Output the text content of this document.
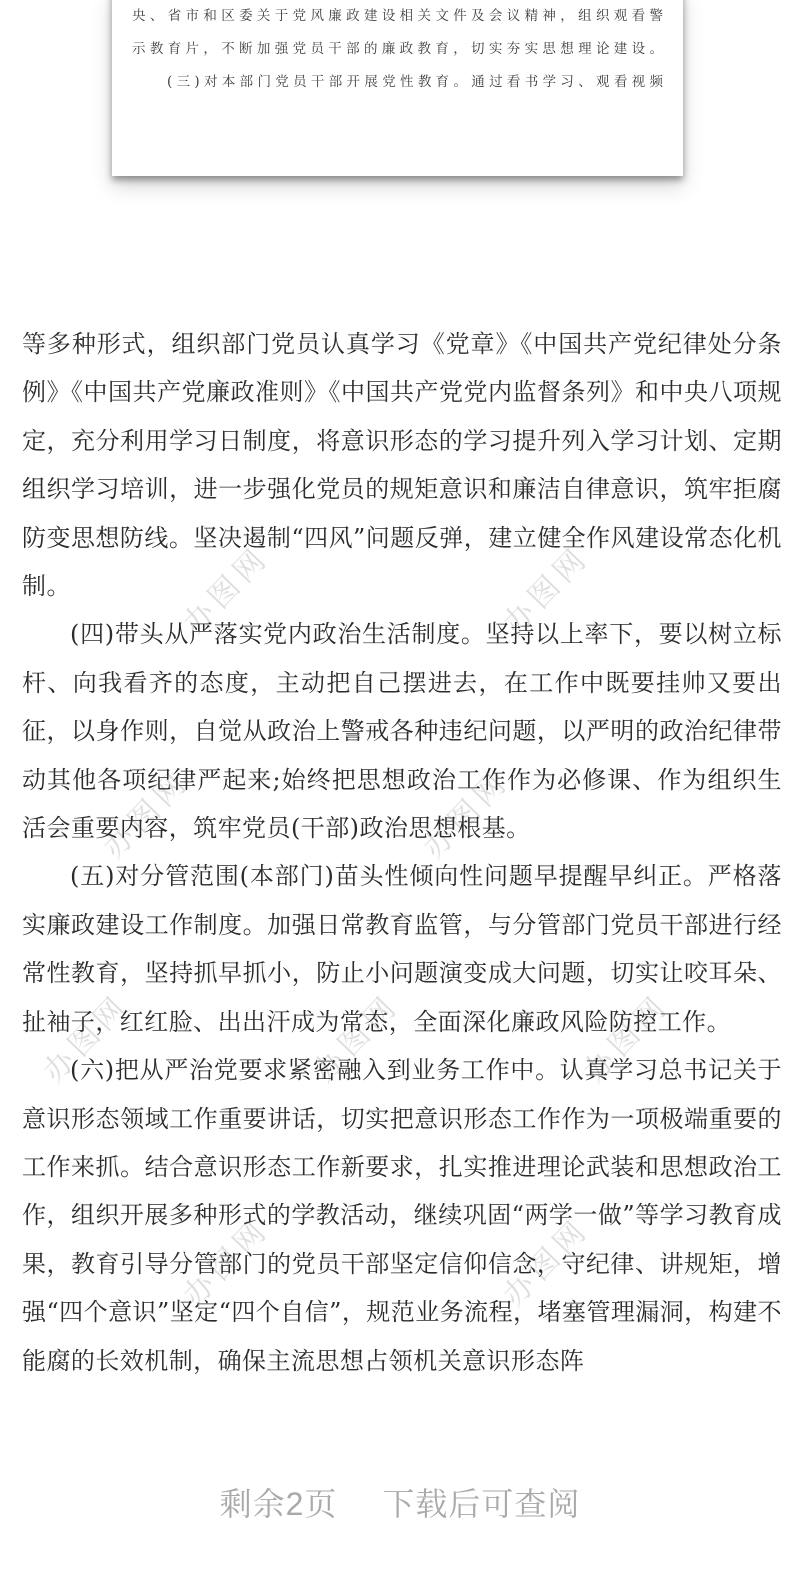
办图网	办图网
办图网	办图网
办图网	办图网	办图网
办图网	办图网
央、省市和区委关于党风廉政建设相关文件及会议精神，组织观看警
示教育片，不断加强党员干部的廉政教育，切实夯实思想理论建设。
(三)对本部门党员干部开展党性教育。通过看书学习、观看视频

等多种形式，组织部门党员认真学习《党章》《中国共产党纪律处分条例》《中国共产党廉政准则》《中国共产党党内监督条列》和中央八项规定，充分利用学习日制度，将意识形态的学习提升列入学习计划、定期组织学习培训，进一步强化党员的规矩意识和廉洁自律意识，筑牢拒腐防变思想防线。坚决遏制“四风”问题反弹，建立健全作风建设常态化机制。

(四)带头从严落实党内政治生活制度。坚持以上率下，要以树立标杆、向我看齐的态度，主动把自己摆进去，在工作中既要挂帅又要出征，以身作则，自觉从政治上警戒各种违纪问题，以严明的政治纪律带动其他各项纪律严起来;始终把思想政治工作作为必修课、作为组织生活会重要内容，筑牢党员(干部)政治思想根基。

(五)对分管范围(本部门)苗头性倾向性问题早提醒早纠正。严格落实廉政建设工作制度。加强日常教育监管，与分管部门党员干部进行经常性教育，坚持抓早抓小，防止小问题演变成大问题，切实让咬耳朵、扯袖子，红红脸、出出汗成为常态，全面深化廉政风险防控工作。

(六)把从严治党要求紧密融入到业务工作中。认真学习总书记关于意识形态领域工作重要讲话，切实把意识形态工作作为一项极端重要的工作来抓。结合意识形态工作新要求，扎实推进理论武装和思想政治工作，组织开展多种形式的学教活动，继续巩固“两学一做”等学习教育成果，教育引导分管部门的党员干部坚定信仰信念，守纪律、讲规矩，增强“四个意识”坚定“四个自信”，规范业务流程，堵塞管理漏洞，构建不能腐的长效机制，确保主流思想占领机关意识形态阵

剩余2页 下载后可查阅
